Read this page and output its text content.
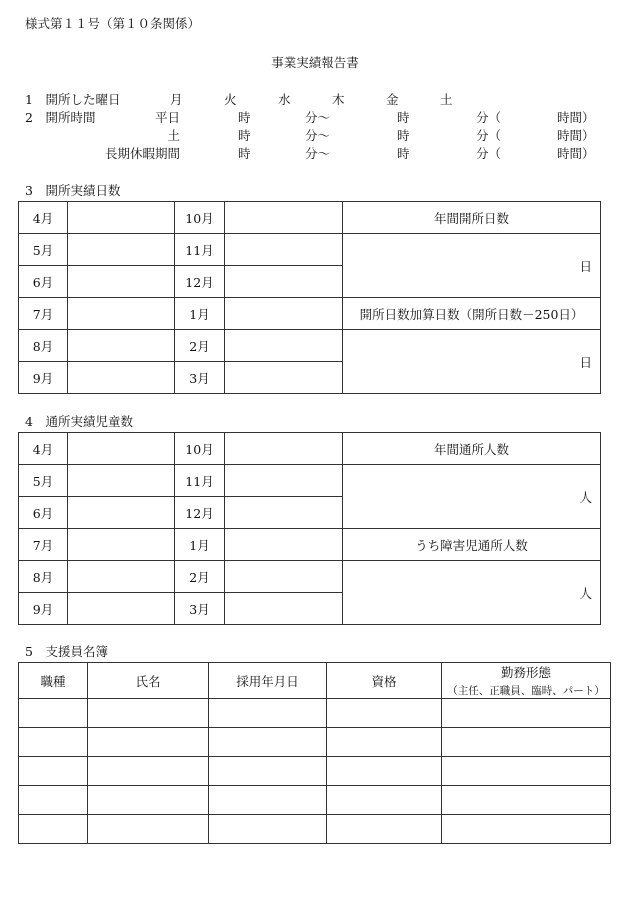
様式第１１号（第１０条関係）
事業実績報告書
1　開所した曜日	月	火	水	木	金	土
2　開所時間	平日	時	分～	時	分（	時間）
土	時	分～	時	分（	時間）
長期休暇期間	時	分～	時	分（	時間）
3　開所実績日数
4月		10月		年間開所日数
5月		11月		日

6月		12月		
7月		1月		開所日数加算日数（開所日数－250日）
8月		2月		日

9月		3月		
4　通所実績児童数
4月		10月		年間通所人数
5月		11月		人

6月		12月		
7月		1月		うち障害児通所人数
8月		2月		人

9月		3月		
5　支援員名簿
職種	氏名	採用年月日	資格	勤務形態
（主任、正職員、臨時、パート）
